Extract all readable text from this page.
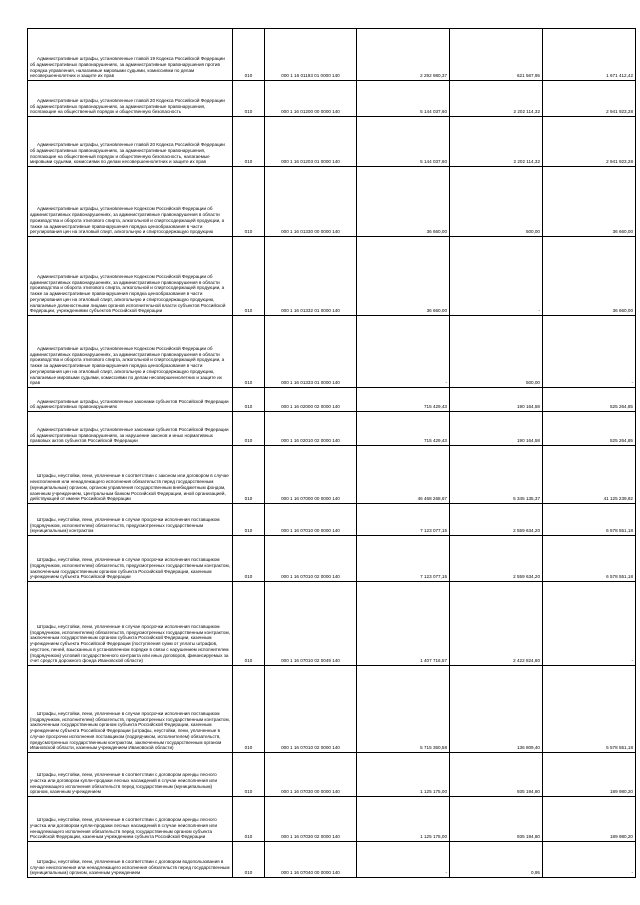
Административные штрафы, установленные главой 19 Кодекса Российской Федерации об административных правонарушениях, за административные правонарушения против порядка управления, налагаемые мировыми судьями, комиссиями по делам несовершеннолетних и защите их прав	010	000 1 16 01193 01 0000 140	2 292 980,37	621 567,95	1 671 412,42

Административные штрафы, установленные главой 20 Кодекса Российской Федерации об административных правонарушениях, за административные правонарушения, посягающие на общественный порядок и общественную безопасность	010	000 1 16 01200 00 0000 140	5 144 037,60	2 202 114,32	2 941 923,28

Административные штрафы, установленные главой 20 Кодекса Российской Федерации об административных правонарушениях, за административные правонарушения, посягающие на общественный порядок и общественную безопасность, налагаемые мировыми судьями, комиссиями по делам несовершеннолетних и защите их прав	010	000 1 16 01203 01 0000 140	5 144 037,60	2 202 114,32	2 941 923,28

Административные штрафы, установленные Кодексом Российской Федерации об административных правонарушениях, за административные правонарушения в области производства и оборота этилового спирта, алкогольной и спиртосодержащей продукции, а также за административные правонарушения порядка ценообразования в части регулирования цен на этиловый спирт, алкогольную и спиртосодержащую продукцию	010	000 1 16 01330 00 0000 140	36 660,00	500,00	36 660,00

Административные штрафы, установленные Кодексом Российской Федерации об административных правонарушениях, за административные правонарушения в области производства и оборота этилового спирта, алкогольной и спиртосодержащей продукции, а также за административные правонарушения порядка ценообразования в части регулирования цен на этиловый спирт, алкогольную и спиртосодержащую продукцию, налагаемые должностными лицами органов исполнительной власти субъектов Российской Федерации, учреждениями субъектов Российской Федерации	010	000 1 16 01332 01 0000 140	36 660,00	-	36 660,00

Административные штрафы, установленные Кодексом Российской Федерации об административных правонарушениях, за административные правонарушения в области производства и оборота этилового спирта, алкогольной и спиртосодержащей продукции, а также за административные правонарушения порядка ценообразования в части регулирования цен на этиловый спирт, алкогольную и спиртосодержащую продукцию, налагаемые мировыми судьями, комиссиями по делам несовершеннолетних и защите их прав	010	000 1 16 01333 01 0000 140	-	500,00	-

Административные штрафы, установленные законами субъектов Российской Федерации об административных правонарушениях	010	000 1 16 02000 02 0000 140	715 429,43	190 164,58	525 264,85

Административные штрафы, установленные законами субъектов Российской Федерации об административных правонарушениях, за нарушение законов и иных нормативных правовых актов субъектов Российской Федерации	010	000 1 16 02010 02 0000 140	715 429,43	190 164,58	525 264,85

Штрафы, неустойки, пени, уплаченные в соответствии с законом или договором в случае неисполнения или ненадлежащего исполнения обязательств перед государственным (муниципальным) органом, органом управления государственным внебюджетным фондом, казенным учреждением, Центральным банком Российской Федерации, иной организацией, действующей от имени Российской Федерации	010	000 1 16 07000 00 0000 140	46 468 268,67	5 345 135,37	41 125 239,92

Штрафы, неустойки, пени, уплаченные в случае просрочки исполнения поставщиком (подрядчиком, исполнителем) обязательств, предусмотренных государственным (муниципальным) контрактом	010	000 1 16 07010 00 0000 140	7 123 077,15	2 559 634,20	6 578 551,18

Штрафы, неустойки, пени, уплаченные в случае просрочки исполнения поставщиком (подрядчиком, исполнителем) обязательств, предусмотренных государственным контрактом, заключенным государственным органом субъекта Российской Федерации, казенным учреждением субъекта Российской Федерации	010	000 1 16 07010 02 0000 140	7 123 077,15	2 559 634,20	6 578 551,18

Штрафы, неустойки, пени, уплаченные в случае просрочки исполнения поставщиком (подрядчиком, исполнителем) обязательств, предусмотренных государственным контрактом, заключенным государственным органом субъекта Российской Федерации, казенным учреждением субъекта Российской Федерации (поступления сумм от уплаты штрафов, неустоек, пеней, взысканных в установленном порядке в связи с нарушением исполнителем (подрядчиком) условий государственного контракта или иных договоров, финансируемых за счет средств дорожного фонда Ивановской области)	010	000 1 16 07010 02 0049 140	1 407 716,57	2 422 824,80	-

Штрафы, неустойки, пени, уплаченные в случае просрочки исполнения поставщиком (подрядчиком, исполнителем) обязательств, предусмотренных государственным контрактом, заключенным государственным органом субъекта Российской Федерации, казенным учреждением субъекта Российской Федерации (штрафы, неустойки, пени, уплаченные в случае просрочки исполнения поставщиком (подрядчиком, исполнителем) обязательств, предусмотренных государственным контрактом, заключенным государственным органом Ивановской области, казенным учреждением Ивановской области)	010	000 1 16 07010 02 0000 140	5 715 360,58	136 809,40	5 578 551,18

Штрафы, неустойки, пени, уплаченные в соответствии с договором аренды лесного участка или договором купли-продажи лесных насаждений в случае неисполнения или ненадлежащего исполнения обязательств перед государственным (муниципальным) органом, казенным учреждением	010	000 1 16 07030 00 0000 140	1 125 175,00	935 194,80	189 980,20

Штрафы, неустойки, пени, уплаченные в соответствии с договором аренды лесного участка или договором купли-продажи лесных насаждений в случае неисполнения или ненадлежащего исполнения обязательств перед государственным органом субъекта Российской Федерации, казенным учреждением субъекта Российской Федерации	010	000 1 16 07030 02 0000 140	1 125 175,00	935 194,80	189 980,20

Штрафы, неустойки, пени, уплаченные в соответствии с договором водопользования в случае неисполнения или ненадлежащего исполнения обязательств перед государственным (муниципальным) органом, казенным учреждением	010	000 1 16 07040 00 0000 140	-	0,95	-
